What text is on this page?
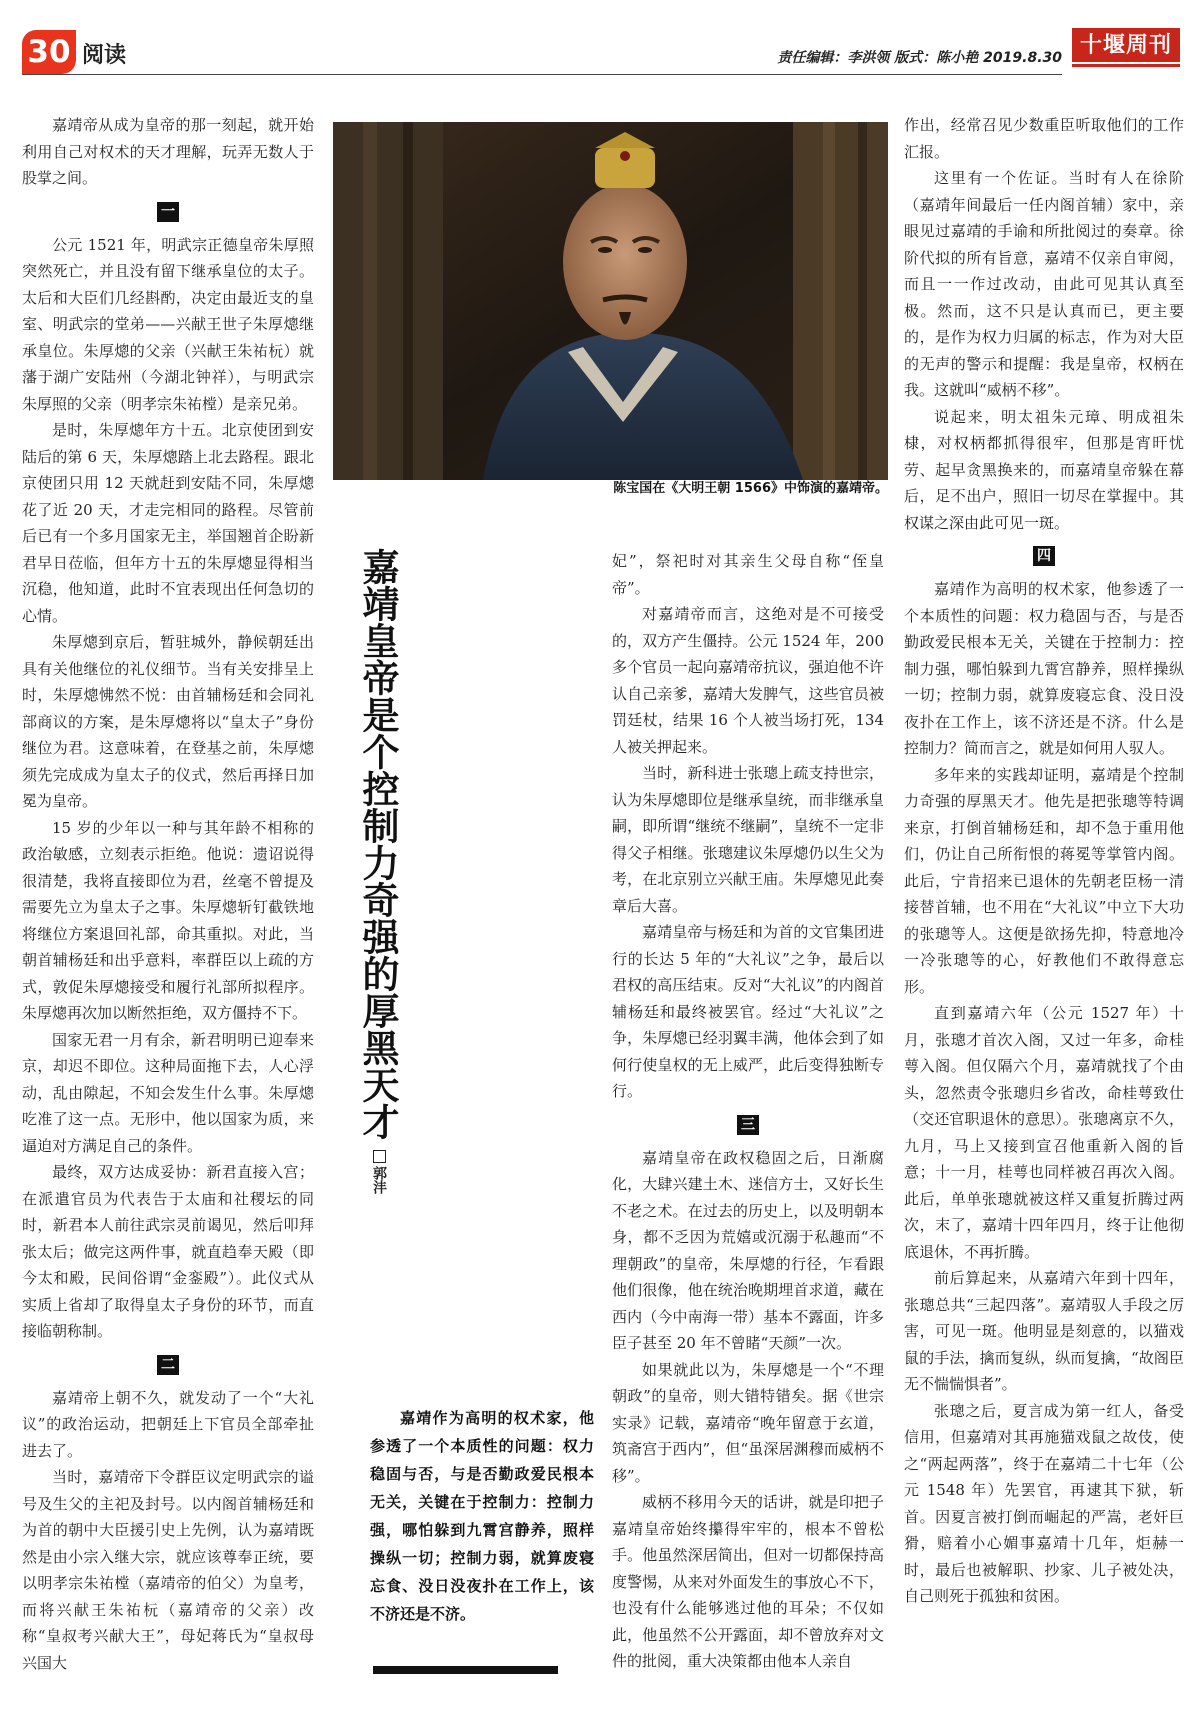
30 阅读	责任编辑：李洪领 版式：陈小艳 2019.8.30 十堰周刊

嘉靖帝从成为皇帝的那一刻起，就开始利用自己对权术的天才理解，玩弄无数人于股掌之间。

一

公元 1521 年，明武宗正德皇帝朱厚照突然死亡，并且没有留下继承皇位的太子。太后和大臣们几经斟酌，决定由最近支的皇室、明武宗的堂弟——兴献王世子朱厚熜继承皇位。朱厚熜的父亲（兴献王朱祐杬）就藩于湖广安陆州（今湖北钟祥），与明武宗朱厚照的父亲（明孝宗朱祐樘）是亲兄弟。

是时，朱厚熜年方十五。北京使团到安陆后的第 6 天，朱厚熜踏上北去路程。跟北京使团只用 12 天就赶到安陆不同，朱厚熜花了近 20 天，才走完相同的路程。尽管前后已有一个多月国家无主，举国翘首企盼新君早日莅临，但年方十五的朱厚熜显得相当沉稳，他知道，此时不宜表现出任何急切的心情。

朱厚熜到京后，暂驻城外，静候朝廷出具有关他继位的礼仪细节。当有关安排呈上时，朱厚熜怫然不悦：由首辅杨廷和会同礼部商议的方案，是朱厚熜将以“皇太子”身份继位为君。这意味着，在登基之前，朱厚熜须先完成成为皇太子的仪式，然后再择日加冕为皇帝。

15 岁的少年以一种与其年龄不相称的政治敏感，立刻表示拒绝。他说：遗诏说得很清楚，我将直接即位为君，丝毫不曾提及需要先立为皇太子之事。朱厚熜斩钉截铁地将继位方案退回礼部，命其重拟。对此，当朝首辅杨廷和出乎意料，率群臣以上疏的方式，敦促朱厚熜接受和履行礼部所拟程序。朱厚熜再次加以断然拒绝，双方僵持不下。

国家无君一月有余，新君明明已迎奉来京，却迟不即位。这种局面拖下去，人心浮动，乱由隙起，不知会发生什么事。朱厚熜吃准了这一点。无形中，他以国家为质，来逼迫对方满足自己的条件。

最终，双方达成妥协：新君直接入宫；在派遣官员为代表告于太庙和社稷坛的同时，新君本人前往武宗灵前谒见，然后叩拜张太后；做完这两件事，就直趋奉天殿（即今太和殿，民间俗谓“金銮殿”）。此仪式从实质上省却了取得皇太子身份的环节，而直接临朝称制。

二

嘉靖帝上朝不久，就发动了一个“大礼议”的政治运动，把朝廷上下官员全部牵扯进去了。

当时，嘉靖帝下令群臣议定明武宗的谥号及生父的主祀及封号。以内阁首辅杨廷和为首的朝中大臣援引史上先例，认为嘉靖既然是由小宗入继大宗，就应该尊奉正统，要以明孝宗朱祐樘（嘉靖帝的伯父）为皇考，而将兴献王朱祐杬（嘉靖帝的父亲）改称“皇叔考兴献大王”，母妃蒋氏为“皇叔母兴国大

陈宝国在《大明王朝 1566》中饰演的嘉靖帝。
嘉靖皇帝是个控制力奇强的厚黑天才
郭沣

嘉靖作为高明的权术家，他参透了一个本质性的问题：权力稳固与否，与是否勤政爱民根本无关，关键在于控制力：控制力强，哪怕躲到九霄宫静养，照样操纵一切；控制力弱，就算废寝忘食、没日没夜扑在工作上，该不济还是不济。

妃”，祭祀时对其亲生父母自称“侄皇帝”。

对嘉靖帝而言，这绝对是不可接受的，双方产生僵持。公元 1524 年，200 多个官员一起向嘉靖帝抗议，强迫他不许认自己亲爹，嘉靖大发脾气，这些官员被罚廷杖，结果 16 个人被当场打死，134 人被关押起来。

当时，新科进士张璁上疏支持世宗，认为朱厚熜即位是继承皇统，而非继承皇嗣，即所谓“继统不继嗣”，皇统不一定非得父子相继。张璁建议朱厚熜仍以生父为考，在北京别立兴献王庙。朱厚熜见此奏章后大喜。

嘉靖皇帝与杨廷和为首的文官集团进行的长达 5 年的“大礼议”之争，最后以君权的高压结束。反对“大礼议”的内阁首辅杨廷和最终被罢官。经过“大礼议”之争，朱厚熜已经羽翼丰满，他体会到了如何行使皇权的无上威严，此后变得独断专行。

三

嘉靖皇帝在政权稳固之后，日渐腐化，大肆兴建土木、迷信方士，又好长生不老之术。在过去的历史上，以及明朝本身，都不乏因为荒嬉或沉溺于私趣而“不理朝政”的皇帝，朱厚熜的行径，乍看跟他们很像，他在统治晚期埋首求道，藏在西内（今中南海一带）基本不露面，许多臣子甚至 20 年不曾睹“天颜”一次。

如果就此以为，朱厚熜是一个“不理朝政”的皇帝，则大错特错矣。据《世宗实录》记载，嘉靖帝“晚年留意于玄道，筑斋宫于西内”，但“虽深居渊穆而威柄不移”。

威柄不移用今天的话讲，就是印把子嘉靖皇帝始终攥得牢牢的，根本不曾松手。他虽然深居简出，但对一切都保持高度警惕，从来对外面发生的事放心不下，也没有什么能够逃过他的耳朵；不仅如此，他虽然不公开露面，却不曾放弃对文件的批阅，重大决策都由他本人亲自

作出，经常召见少数重臣听取他们的工作汇报。

这里有一个佐证。当时有人在徐阶（嘉靖年间最后一任内阁首辅）家中，亲眼见过嘉靖的手谕和所批阅过的奏章。徐阶代拟的所有旨意，嘉靖不仅亲自审阅，而且一一作过改动，由此可见其认真至极。然而，这不只是认真而已，更主要的，是作为权力归属的标志，作为对大臣的无声的警示和提醒：我是皇帝，权柄在我。这就叫“威柄不移”。

说起来，明太祖朱元璋、明成祖朱棣，对权柄都抓得很牢，但那是宵旰忧劳、起早贪黑换来的，而嘉靖皇帝躲在幕后，足不出户，照旧一切尽在掌握中。其权谋之深由此可见一斑。

四

嘉靖作为高明的权术家，他参透了一个本质性的问题：权力稳固与否，与是否勤政爱民根本无关，关键在于控制力：控制力强，哪怕躲到九霄宫静养，照样操纵一切；控制力弱，就算废寝忘食、没日没夜扑在工作上，该不济还是不济。什么是控制力？简而言之，就是如何用人驭人。

多年来的实践却证明，嘉靖是个控制力奇强的厚黑天才。他先是把张璁等特调来京，打倒首辅杨廷和，却不急于重用他们，仍让自己所衔恨的蒋冕等掌管内阁。此后，宁肯招来已退休的先朝老臣杨一清接替首辅，也不用在“大礼议”中立下大功的张璁等人。这便是欲扬先抑，特意地冷一冷张璁等的心，好教他们不敢得意忘形。

直到嘉靖六年（公元 1527 年）十月，张璁才首次入阁，又过一年多，命桂萼入阁。但仅隔六个月，嘉靖就找了个由头，忽然责令张璁归乡省改，命桂萼致仕（交还官职退休的意思）。张璁离京不久，九月，马上又接到宣召他重新入阁的旨意；十一月，桂萼也同样被召再次入阁。此后，单单张璁就被这样又重复折腾过两次，末了，嘉靖十四年四月，终于让他彻底退休，不再折腾。

前后算起来，从嘉靖六年到十四年，张璁总共“三起四落”。嘉靖驭人手段之厉害，可见一斑。他明显是刻意的，以猫戏鼠的手法，擒而复纵，纵而复擒，“故阁臣无不惴惴惧者”。

张璁之后，夏言成为第一红人，备受信用，但嘉靖对其再施猫戏鼠之故伎，使之“两起两落”，终于在嘉靖二十七年（公元 1548 年）先罢官，再逮其下狱，斩首。因夏言被打倒而崛起的严嵩，老奸巨猾，赔着小心媚事嘉靖十几年，炬赫一时，最后也被解职、抄家、儿子被处决，自己则死于孤独和贫困。
